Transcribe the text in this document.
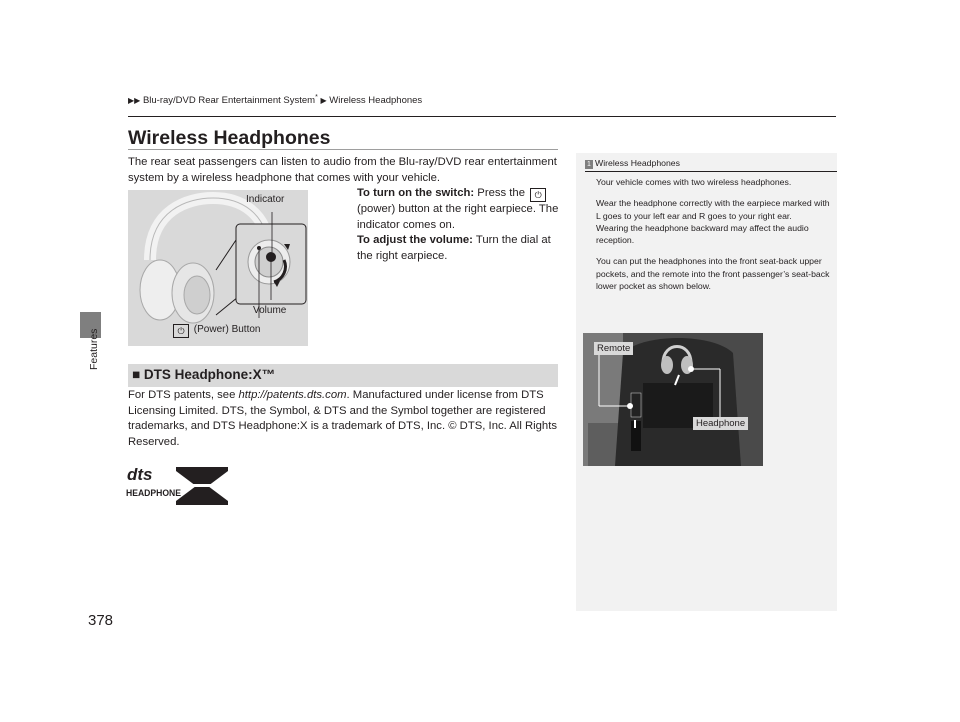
Features
378
▶▶ Blu-ray/DVD Rear Entertainment System* ▶ Wireless Headphones
Wireless Headphones
The rear seat passengers can listen to audio from the Blu-ray/DVD rear entertainment system by a wireless headphone that comes with your vehicle.
Indicator
Volume
⏻ (Power) Button
To turn on the switch: Press the ⏻ (power) button at the right earpiece. The indicator comes on.
To adjust the volume: Turn the dial at the right earpiece.
■ DTS Headphone:X™
For DTS patents, see http://patents.dts.com. Manufactured under license from DTS Licensing Limited. DTS, the Symbol, & DTS and the Symbol together are registered trademarks, and DTS Headphone:X is a trademark of DTS, Inc. © DTS, Inc. All Rights Reserved.
dts
HEADPHONE
1 Wireless Headphones

Your vehicle comes with two wireless headphones.

Wear the headphone correctly with the earpiece marked with L goes to your left ear and R goes to your right ear.
Wearing the headphone backward may affect the audio reception.

You can put the headphones into the front seat-back upper pockets, and the remote into the front passenger’s seat-back lower pocket as shown below.

Remote
Headphone
